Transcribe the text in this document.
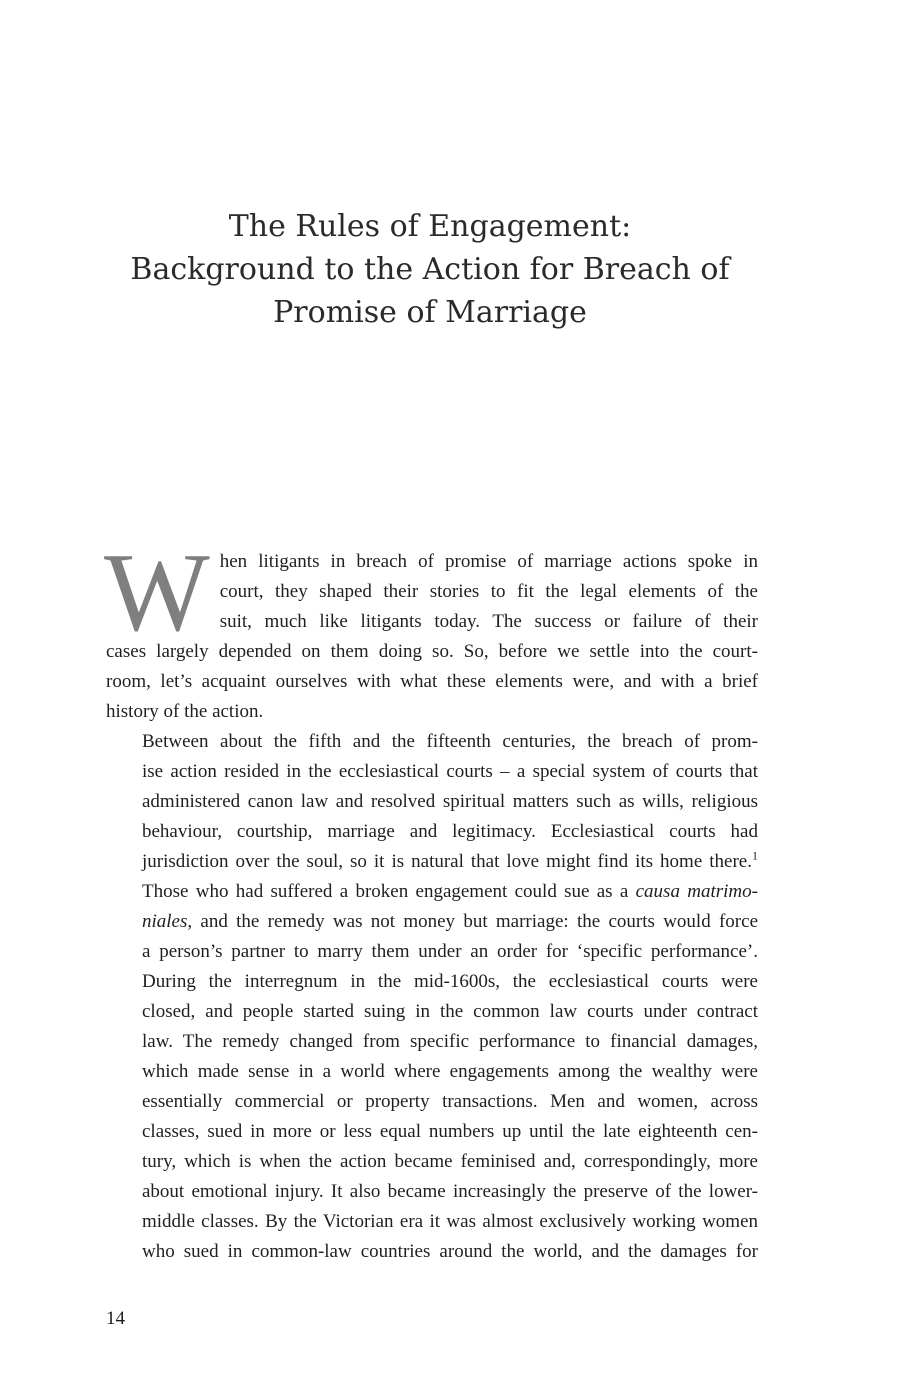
The Rules of Engagement:
Background to the Action for Breach of
Promise of Marriage

W hen litigants in breach of promise of marriage actions spoke in
court, they shaped their stories to fit the legal elements of the
suit, much like litigants today. The success or failure of their
cases largely depended on them doing so. So, before we settle into the court-
room, let’s acquaint ourselves with what these elements were, and with a brief
history of the action.

Between about the fifth and the fifteenth centuries, the breach of prom-
ise action resided in the ecclesiastical courts – a special system of courts that
administered canon law and resolved spiritual matters such as wills, religious
behaviour, courtship, marriage and legitimacy. Ecclesiastical courts had
jurisdiction over the soul, so it is natural that love might find its home there.$^1$
Those who had suffered a broken engagement could sue as a causa matrimo-
niales, and the remedy was not money but marriage: the courts would force
a person’s partner to marry them under an order for ‘specific performance’.
During the interregnum in the mid-1600s, the ecclesiastical courts were
closed, and people started suing in the common law courts under contract
law. The remedy changed from specific performance to financial damages,
which made sense in a world where engagements among the wealthy were
essentially commercial or property transactions. Men and women, across
classes, sued in more or less equal numbers up until the late eighteenth cen-
tury, which is when the action became feminised and, correspondingly, more
about emotional injury. It also became increasingly the preserve of the lower-
middle classes. By the Victorian era it was almost exclusively working women
who sued in common-law countries around the world, and the damages for

14
